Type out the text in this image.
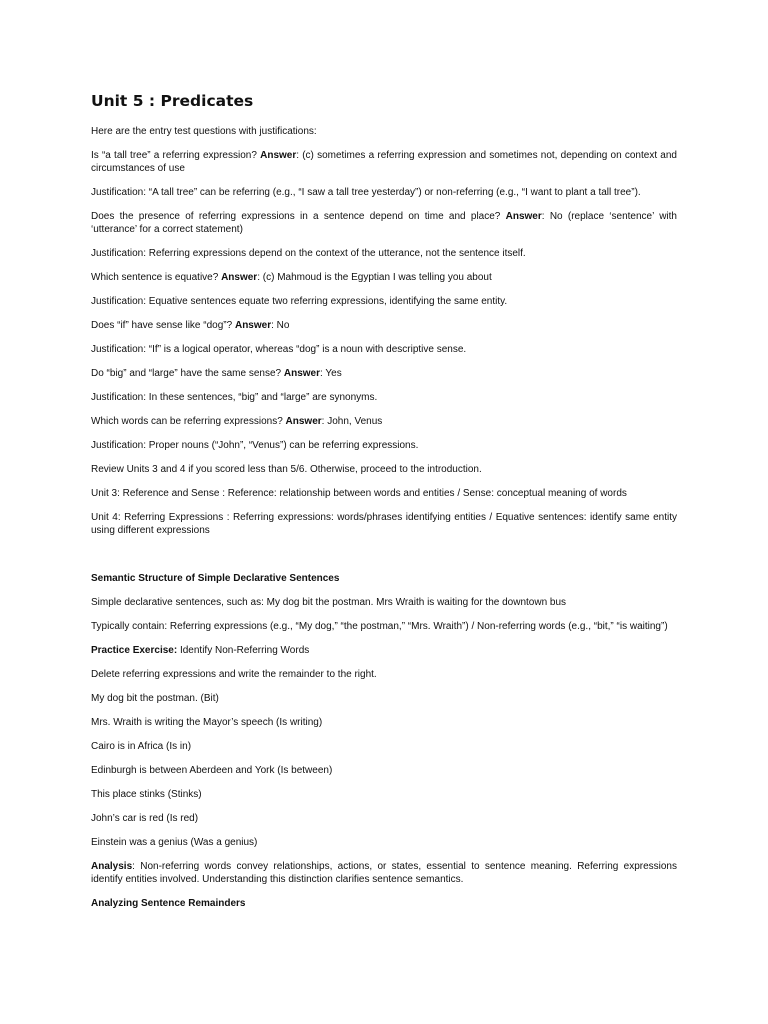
Unit 5 : Predicates

Here are the entry test questions with justifications:

Is “a tall tree” a referring expression? Answer: (c) sometimes a referring expression and sometimes not, depending on context and circumstances of use

Justification: “A tall tree” can be referring (e.g., “I saw a tall tree yesterday”) or non-referring (e.g., “I want to plant a tall tree”).

Does the presence of referring expressions in a sentence depend on time and place? Answer: No (replace ‘sentence’ with ‘utterance’ for a correct statement)

Justification: Referring expressions depend on the context of the utterance, not the sentence itself.

Which sentence is equative? Answer: (c) Mahmoud is the Egyptian I was telling you about

Justification: Equative sentences equate two referring expressions, identifying the same entity.

Does “if” have sense like “dog”? Answer: No

Justification: “If” is a logical operator, whereas “dog” is a noun with descriptive sense.

Do “big” and “large” have the same sense? Answer: Yes

Justification: In these sentences, “big” and “large” are synonyms.

Which words can be referring expressions? Answer: John, Venus

Justification: Proper nouns (“John”, “Venus”) can be referring expressions.

Review Units 3 and 4 if you scored less than 5/6. Otherwise, proceed to the introduction.

Unit 3: Reference and Sense : Reference: relationship between words and entities / Sense: conceptual meaning of words

Unit 4: Referring Expressions : Referring expressions: words/phrases identifying entities / Equative sentences: identify same entity using different expressions

Semantic Structure of Simple Declarative Sentences

Simple declarative sentences, such as: My dog bit the postman. Mrs Wraith is waiting for the downtown bus

Typically contain: Referring expressions (e.g., “My dog,” “the postman,” “Mrs. Wraith”) / Non-referring words (e.g., “bit,” “is waiting”)

Practice Exercise: Identify Non-Referring Words

Delete referring expressions and write the remainder to the right.

My dog bit the postman. (Bit)

Mrs. Wraith is writing the Mayor’s speech (Is writing)

Cairo is in Africa (Is in)

Edinburgh is between Aberdeen and York (Is between)

This place stinks (Stinks)

John’s car is red (Is red)

Einstein was a genius (Was a genius)

Analysis: Non-referring words convey relationships, actions, or states, essential to sentence meaning. Referring expressions identify entities involved. Understanding this distinction clarifies sentence semantics.

Analyzing Sentence Remainders
